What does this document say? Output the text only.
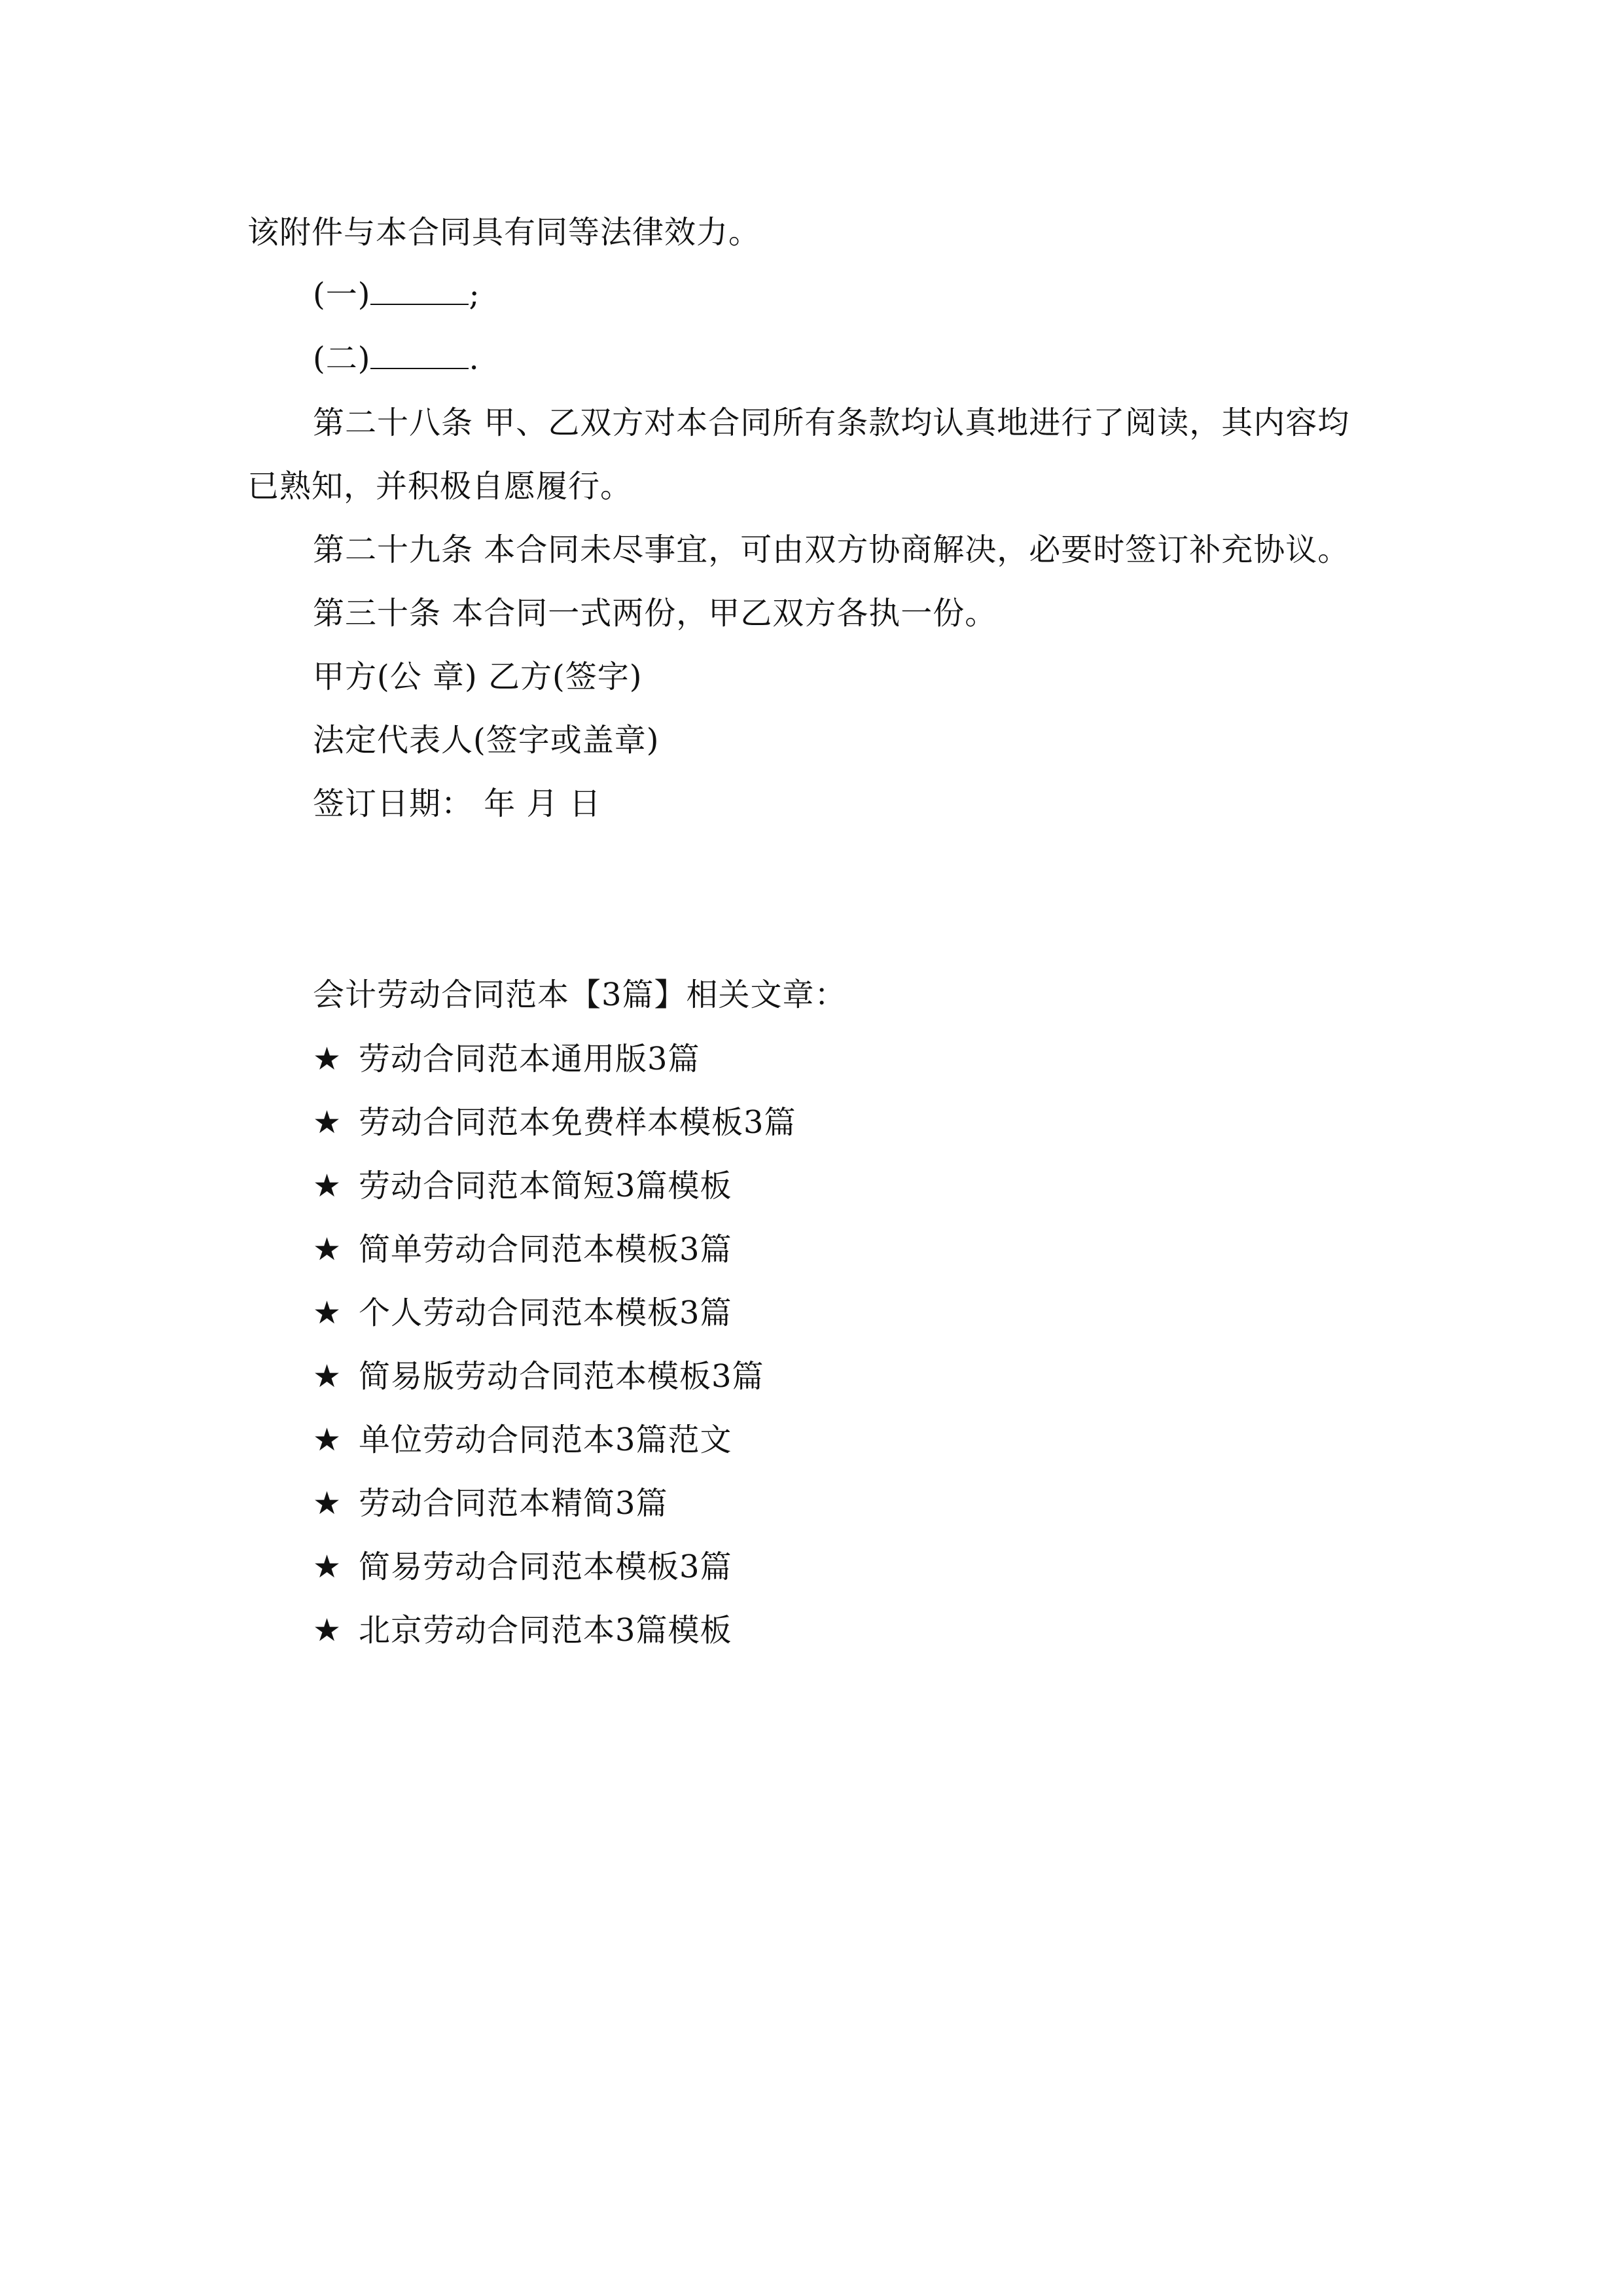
该附件与本合同具有同等法律效力。
(一)	;
(二)	.
第二十八条 甲、乙双方对本合同所有条款均认真地进行了阅读，其内容均
已熟知，并积极自愿履行。
第二十九条 本合同未尽事宜，可由双方协商解决，必要时签订补充协议。
第三十条 本合同一式两份，甲乙双方各执一份。
甲方(公 章) 乙方(签字)
法定代表人(签字或盖章)
签订日期： 年 月 日
会计劳动合同范本【3篇】相关文章：
★ 劳动合同范本通用版3篇
★ 劳动合同范本免费样本模板3篇
★ 劳动合同范本简短3篇模板
★ 简单劳动合同范本模板3篇
★ 个人劳动合同范本模板3篇
★ 简易版劳动合同范本模板3篇
★ 单位劳动合同范本3篇范文
★ 劳动合同范本精简3篇
★ 简易劳动合同范本模板3篇
★ 北京劳动合同范本3篇模板
